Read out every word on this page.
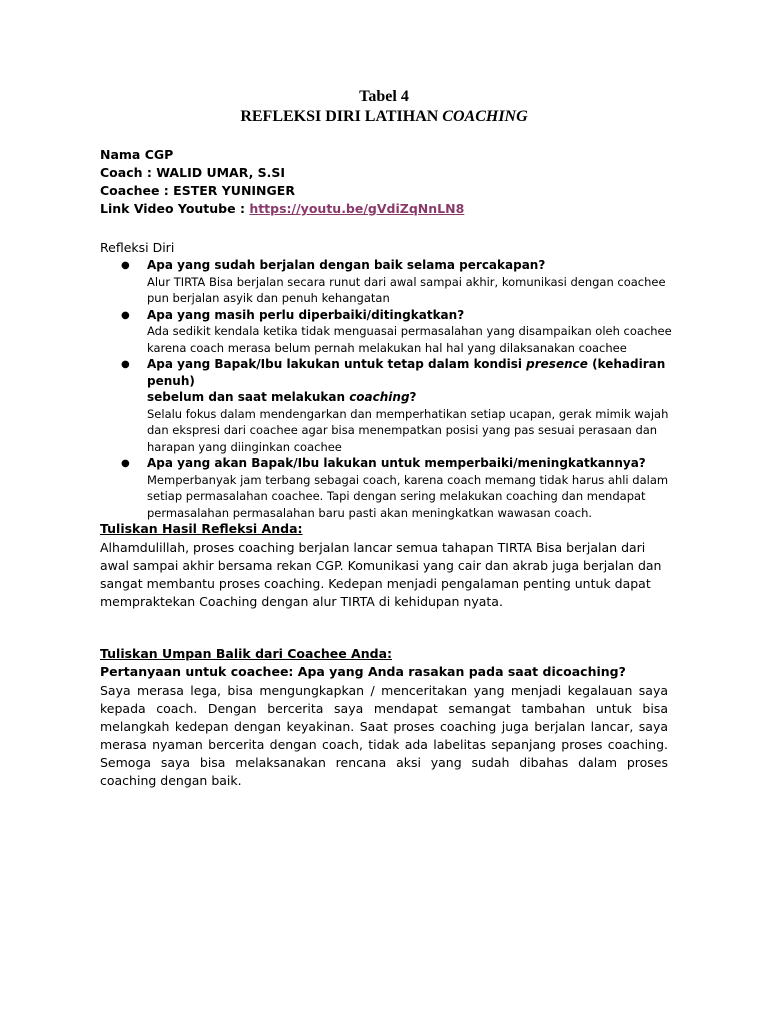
Tabel 4
REFLEKSI DIRI LATIHAN COACHING
Nama CGP
Coach : WALID UMAR, S.SI
Coachee : ESTER YUNINGER
Link Video Youtube : https://youtu.be/gVdiZqNnLN8
Refleksi Diri
● Apa yang sudah berjalan dengan baik selama percakapan?
Alur TIRTA Bisa berjalan secara runut dari awal sampai akhir, komunikasi dengan coachee
pun berjalan asyik dan penuh kehangatan
● Apa yang masih perlu diperbaiki/ditingkatkan?
Ada sedikit kendala ketika tidak menguasai permasalahan yang disampaikan oleh coachee
karena coach merasa belum pernah melakukan hal hal yang dilaksanakan coachee
● Apa yang Bapak/Ibu lakukan untuk tetap dalam kondisi presence (kehadiran penuh)
sebelum dan saat melakukan coaching?
Selalu fokus dalam mendengarkan dan memperhatikan setiap ucapan, gerak mimik wajah
dan ekspresi dari coachee agar bisa menempatkan posisi yang pas sesuai perasaan dan
harapan yang diinginkan coachee
● Apa yang akan Bapak/Ibu lakukan untuk memperbaiki/meningkatkannya?
Memperbanyak jam terbang sebagai coach, karena coach memang tidak harus ahli dalam
setiap permasalahan coachee. Tapi dengan sering melakukan coaching dan mendapat
permasalahan permasalahan baru pasti akan meningkatkan wawasan coach.
Tuliskan Hasil Refleksi Anda:
Alhamdulillah, proses coaching berjalan lancar semua tahapan TIRTA Bisa berjalan dari
awal sampai akhir bersama rekan CGP. Komunikasi yang cair dan akrab juga berjalan dan
sangat membantu proses coaching. Kedepan menjadi pengalaman penting untuk dapat
mempraktekan Coaching dengan alur TIRTA di kehidupan nyata.
Tuliskan Umpan Balik dari Coachee Anda:
Pertanyaan untuk coachee: Apa yang Anda rasakan pada saat dicoaching?
Saya merasa lega, bisa mengungkapkan / menceritakan yang menjadi kegalauan saya kepada coach. Dengan bercerita saya mendapat semangat tambahan untuk bisa melangkah kedepan dengan keyakinan. Saat proses coaching juga berjalan lancar, saya merasa nyaman bercerita dengan coach, tidak ada labelitas sepanjang proses coaching. Semoga saya bisa melaksanakan rencana aksi yang sudah dibahas dalam proses coaching dengan baik.
